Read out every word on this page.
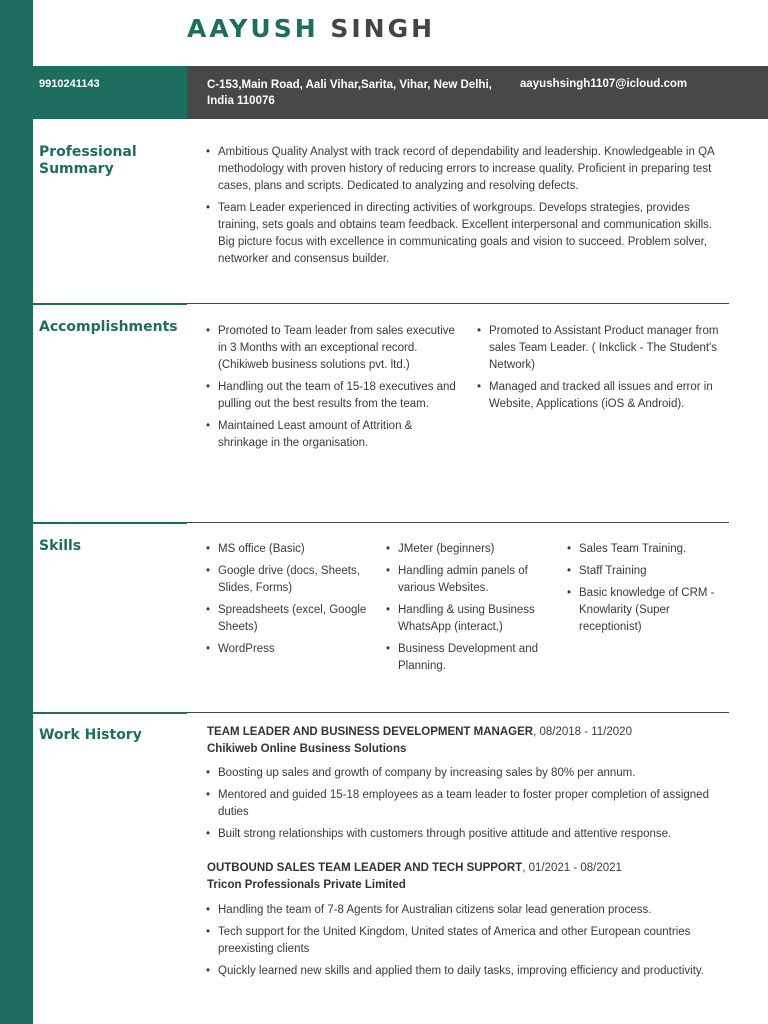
AAYUSH SINGH
9910241143	C-153,Main Road, Aali Vihar,Sarita, Vihar, New Delhi, India 110076
aayushsingh1107@icloud.com
Professional Summary
• Ambitious Quality Analyst with track record of dependability and leadership. Knowledgeable in QA methodology with proven history of reducing errors to increase quality. Proficient in preparing test cases, plans and scripts. Dedicated to analyzing and resolving defects.
• Team Leader experienced in directing activities of workgroups. Develops strategies, provides training, sets goals and obtains team feedback. Excellent interpersonal and communication skills. Big picture focus with excellence in communicating goals and vision to succeed. Problem solver, networker and consensus builder.
Accomplishments	• Promoted to Team leader from sales executive in 3 Months with an exceptional record. (Chikiweb business solutions pvt. ltd.)
• Handling out the team of 15-18 executives and pulling out the best results from the team.
• Maintained Least amount of Attrition & shrinkage in the organisation.
• Promoted to Assistant Product manager from sales Team Leader. ( Inkclick - The Student's Network)
• Managed and tracked all issues and error in Website, Applications (iOS & Android).
Skills	• MS office (Basic)
• Google drive (docs, Sheets, Slides, Forms)
• Spreadsheets (excel, Google Sheets)
• WordPress
• JMeter (beginners)
• Handling admin panels of various Websites.
• Handling & using Business WhatsApp (interact,)
• Business Development and Planning.
• Sales Team Training.
• Staff Training
• Basic knowledge of CRM - Knowlarity (Super receptionist)
Work History	TEAM LEADER AND BUSINESS DEVELOPMENT MANAGER, 08/2018 - 11/2020
Chikiweb Online Business Solutions
• Boosting up sales and growth of company by increasing sales by 80% per annum.
• Mentored and guided 15-18 employees as a team leader to foster proper completion of assigned duties
• Built strong relationships with customers through positive attitude and attentive response.
OUTBOUND SALES TEAM LEADER AND TECH SUPPORT, 01/2021 - 08/2021
Tricon Professionals Private Limited
• Handling the team of 7-8 Agents for Australian citizens solar lead generation process.
• Tech support for the United Kingdom, United states of America and other European countries preexisting clients
• Quickly learned new skills and applied them to daily tasks, improving efficiency and productivity.
